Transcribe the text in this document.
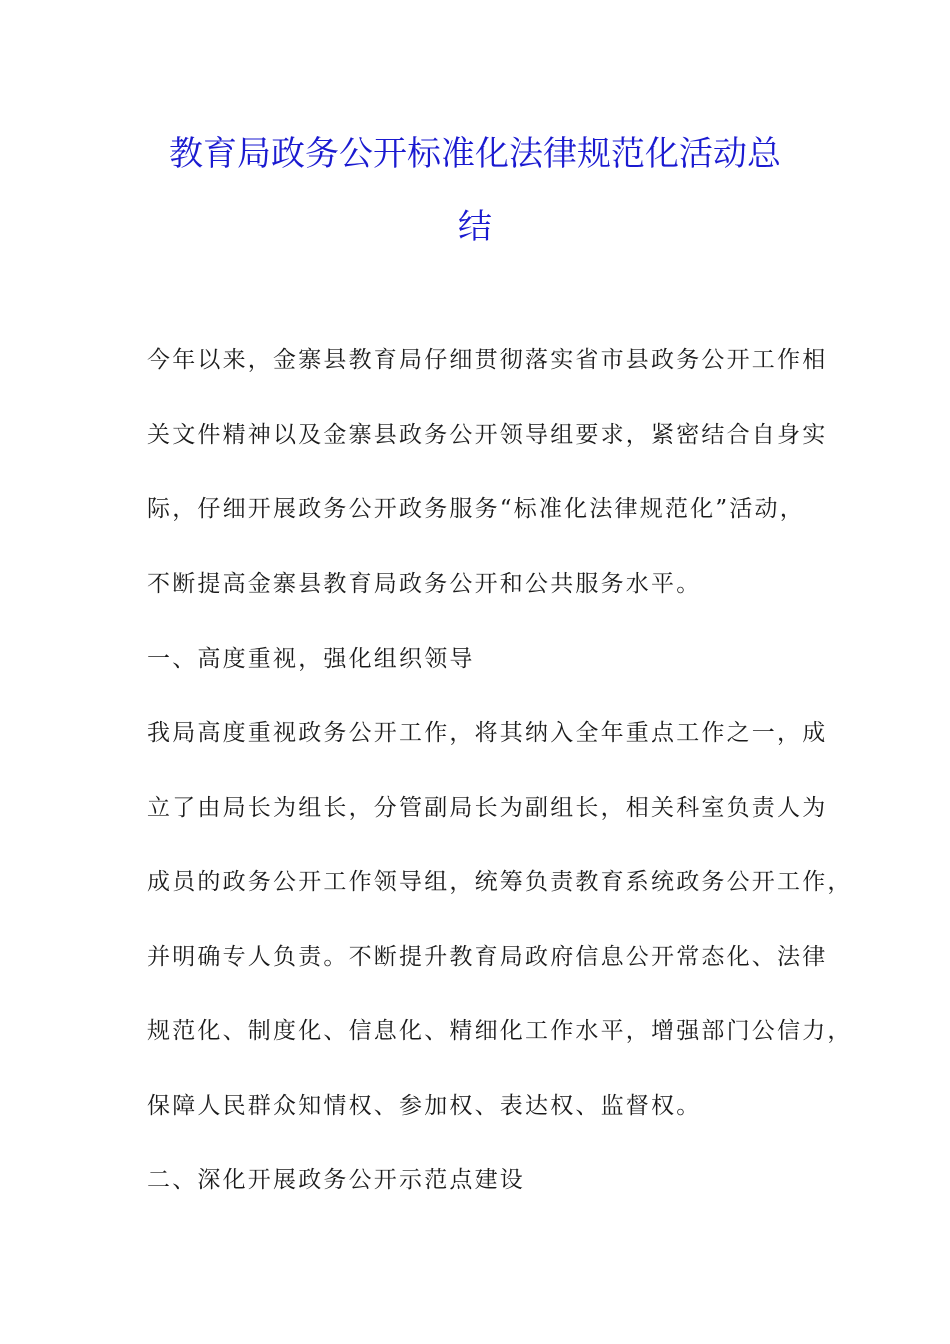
教育局政务公开标准化法律规范化活动总
结
今年以来，金寨县教育局仔细贯彻落实省市县政务公开工作相
关文件精神以及金寨县政务公开领导组要求，紧密结合自身实
际，仔细开展政务公开政务服务“标准化法律规范化”活动，
不断提高金寨县教育局政务公开和公共服务水平。
一、高度重视，强化组织领导
我局高度重视政务公开工作，将其纳入全年重点工作之一，成
立了由局长为组长，分管副局长为副组长，相关科室负责人为
成员的政务公开工作领导组，统筹负责教育系统政务公开工作，
并明确专人负责。不断提升教育局政府信息公开常态化、法律
规范化、制度化、信息化、精细化工作水平，增强部门公信力，
保障人民群众知情权、参加权、表达权、监督权。
二、深化开展政务公开示范点建设
